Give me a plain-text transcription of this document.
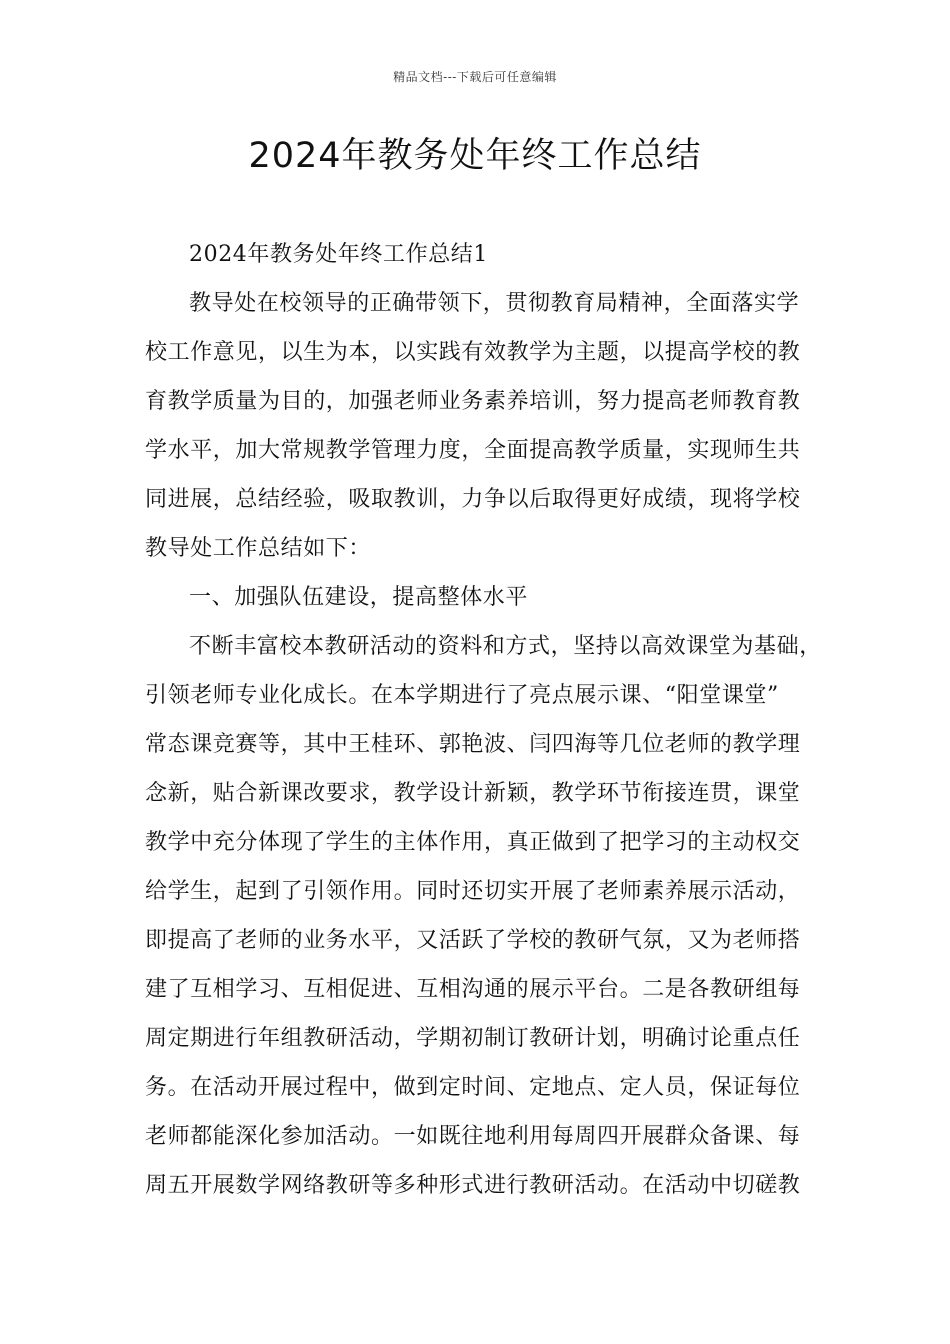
精品文档---下载后可任意编辑
2024年教务处年终工作总结
2024年教务处年终工作总结1
教导处在校领导的正确带领下，贯彻教育局精神，全面落实学
校工作意见，以生为本，以实践有效教学为主题，以提高学校的教
育教学质量为目的，加强老师业务素养培训，努力提高老师教育教
学水平，加大常规教学管理力度，全面提高教学质量，实现师生共
同进展，总结经验，吸取教训，力争以后取得更好成绩，现将学校
教导处工作总结如下：
一、加强队伍建设，提高整体水平
不断丰富校本教研活动的资料和方式，坚持以高效课堂为基础，
引领老师专业化成长。在本学期进行了亮点展示课、“阳堂课堂”
常态课竞赛等，其中王桂环、郭艳波、闫四海等几位老师的教学理
念新，贴合新课改要求，教学设计新颖，教学环节衔接连贯，课堂
教学中充分体现了学生的主体作用，真正做到了把学习的主动权交
给学生，起到了引领作用。同时还切实开展了老师素养展示活动，
即提高了老师的业务水平，又活跃了学校的教研气氛，又为老师搭
建了互相学习、互相促进、互相沟通的展示平台。二是各教研组每
周定期进行年组教研活动，学期初制订教研计划，明确讨论重点任
务。在活动开展过程中，做到定时间、定地点、定人员，保证每位
老师都能深化参加活动。一如既往地利用每周四开展群众备课、每
周五开展数学网络教研等多种形式进行教研活动。在活动中切磋教
